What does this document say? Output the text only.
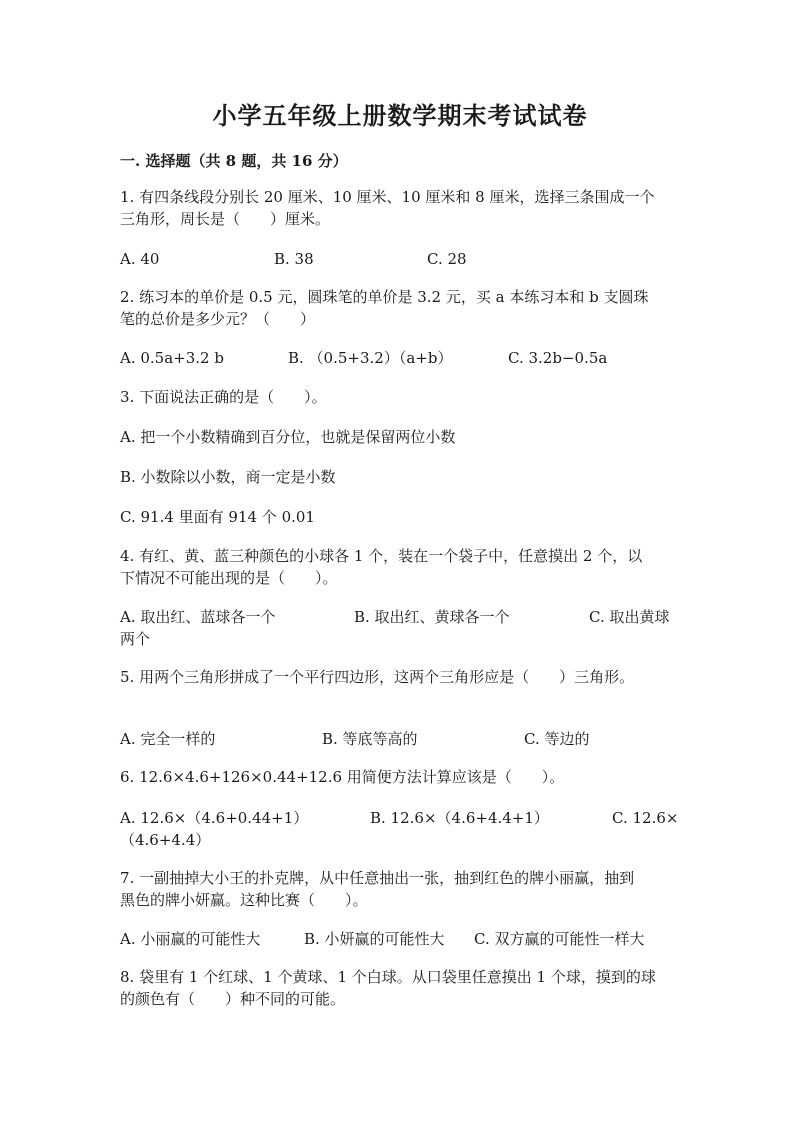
小学五年级上册数学期末考试试卷
一. 选择题（共 8 题，共 16 分）
1. 有四条线段分别长 20 厘米、10 厘米、10 厘米和 8 厘米，选择三条围成一个
三角形，周长是（　　）厘米。
A. 40	B. 38	C. 28
2. 练习本的单价是 0.5 元，圆珠笔的单价是 3.2 元，买 a 本练习本和 b 支圆珠
笔的总价是多少元？（　　）
A. 0.5a+3.2 b	B. （0.5+3.2）（a+b）	C. 3.2b−0.5a
3. 下面说法正确的是（　　）。
A. 把一个小数精确到百分位，也就是保留两位小数
B. 小数除以小数，商一定是小数
C. 91.4 里面有 914 个 0.01
4. 有红、黄、蓝三种颜色的小球各 1 个，装在一个袋子中，任意摸出 2 个，以
下情况不可能出现的是（　　）。
A. 取出红、蓝球各一个	B. 取出红、黄球各一个	C. 取出黄球
两个
5. 用两个三角形拼成了一个平行四边形，这两个三角形应是（　　）三角形。
A. 完全一样的	B. 等底等高的	C. 等边的
6. 12.6×4.6+126×0.44+12.6 用简便方法计算应该是（　　）。
A. 12.6×（4.6+0.44+1）	B. 12.6×（4.6+4.4+1）	C. 12.6×
（4.6+4.4）
7. 一副抽掉大小王的扑克牌，从中任意抽出一张，抽到红色的牌小丽赢，抽到
黑色的牌小妍赢。这种比赛（　　）。
A. 小丽赢的可能性大	B. 小妍赢的可能性大 C. 双方赢的可能性一样大
8. 袋里有 1 个红球、1 个黄球、1 个白球。从口袋里任意摸出 1 个球，摸到的球
的颜色有（　　）种不同的可能。
